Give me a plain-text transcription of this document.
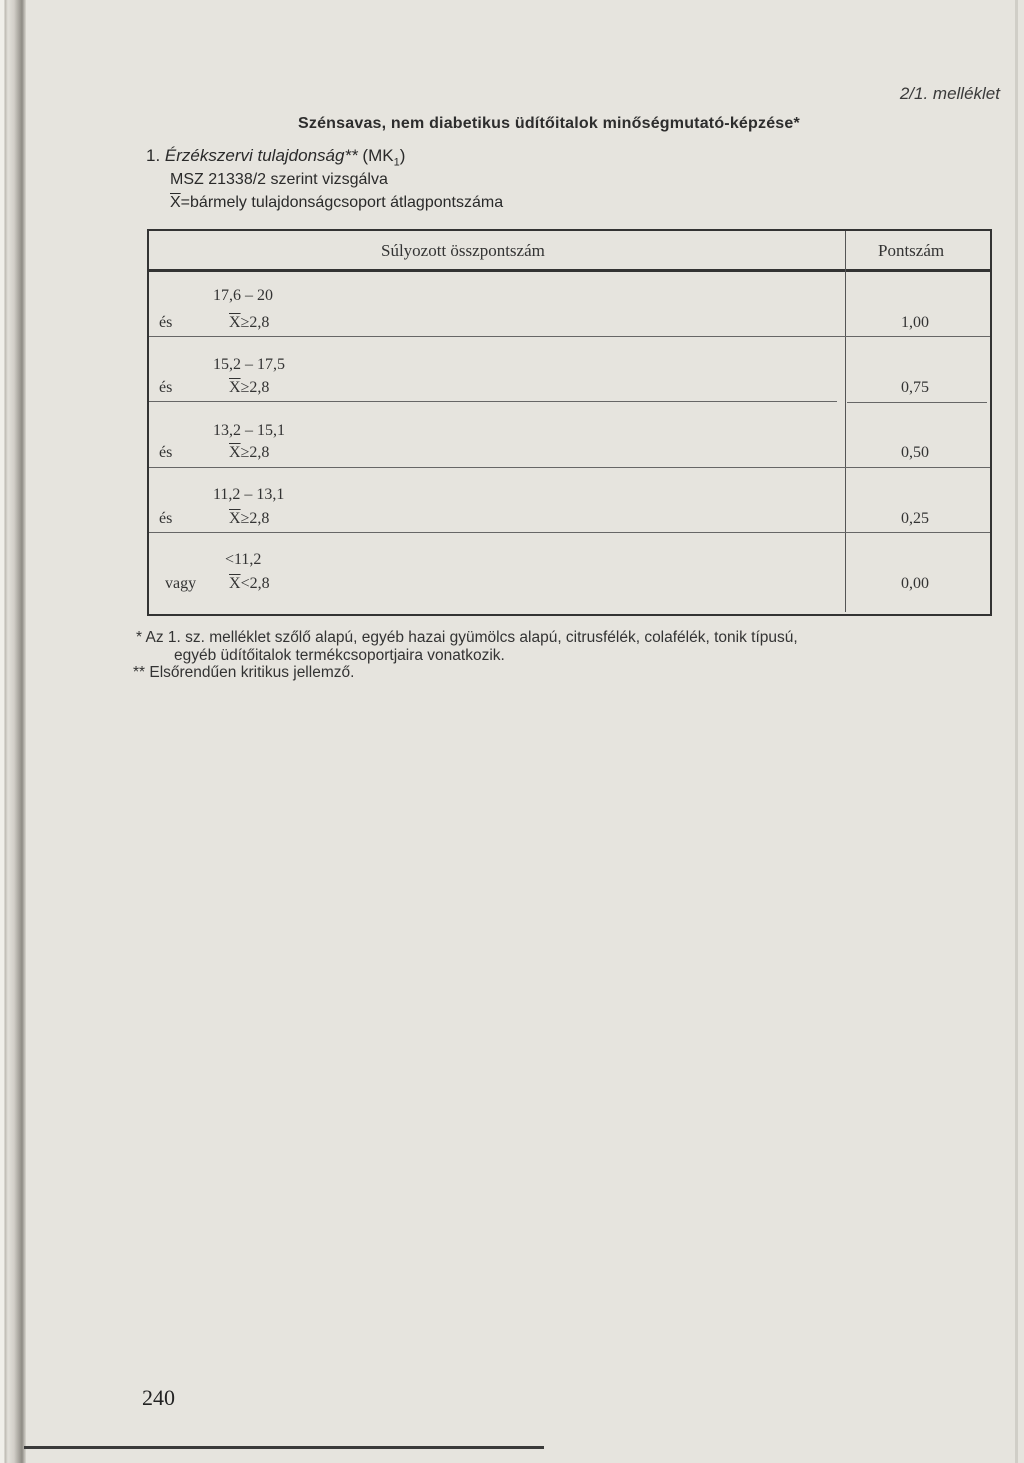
2/1. melléklet
Szénsavas, nem diabetikus üdítőitalok minőségmutató-képzése*
1. Érzékszervi tulajdonság** $(MK_1)$
MSZ 21338/2 szerint vizsgálva
$\overline{X}=bármely$ tulajdonságcsoport átlagpontszáma
Súlyozott összpontszám	Pontszám
17,6 – 20
és	$\overline{X}\ge 2,8$	1,00
15,2 – 17,5
és	$\overline{X}\ge 2,8$	0,75
13,2 – 15,1
és	$\overline{X}\ge 2,8$	0,50
11,2 – 13,1
és	$\overline{X}\ge 2,8$	0,25
<11,2
vagy $\overline{X}<2,8$	0,00
* Az 1. sz. melléklet szőlő alapú, egyéb hazai gyümölcs alapú, citrusfélék, colafélék, tonik típusú,
egyéb üdítőitalok termékcsoportjaira vonatkozik.
** Elsőrendűen kritikus jellemző.
240
